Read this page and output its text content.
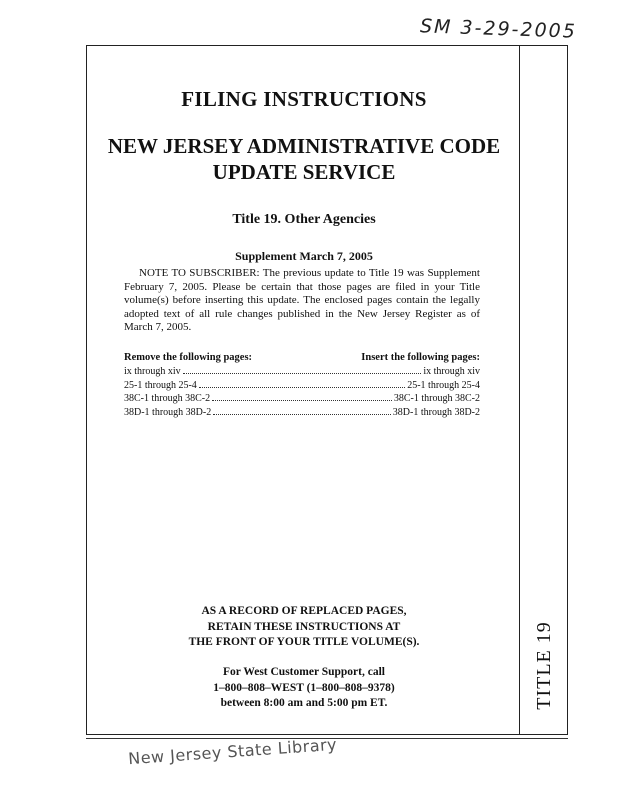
SM 3-29-2005
TITLE 19
FILING INSTRUCTIONS
NEW JERSEY ADMINISTRATIVE CODE
UPDATE SERVICE
Title 19. Other Agencies
Supplement March 7, 2005
NOTE TO SUBSCRIBER: The previous update to Title 19 was Supplement February 7, 2005. Please be certain that those pages are filed in your Title volume(s) before inserting this update. The enclosed pages contain the legally adopted text of all rule changes published in the New Jersey Register as of March 7, 2005.
Remove the following pages:	Insert the following pages:
ix through xiv	ix through xiv
25-1 through 25-4	25-1 through 25-4
38C-1 through 38C-2	38C-1 through 38C-2
38D-1 through 38D-2	38D-1 through 38D-2
AS A RECORD OF REPLACED PAGES,
RETAIN THESE INSTRUCTIONS AT
THE FRONT OF YOUR TITLE VOLUME(S).
For West Customer Support, call
1–800–808–WEST (1–800–808–9378)
between 8:00 am and 5:00 pm ET.
New Jersey State Library
